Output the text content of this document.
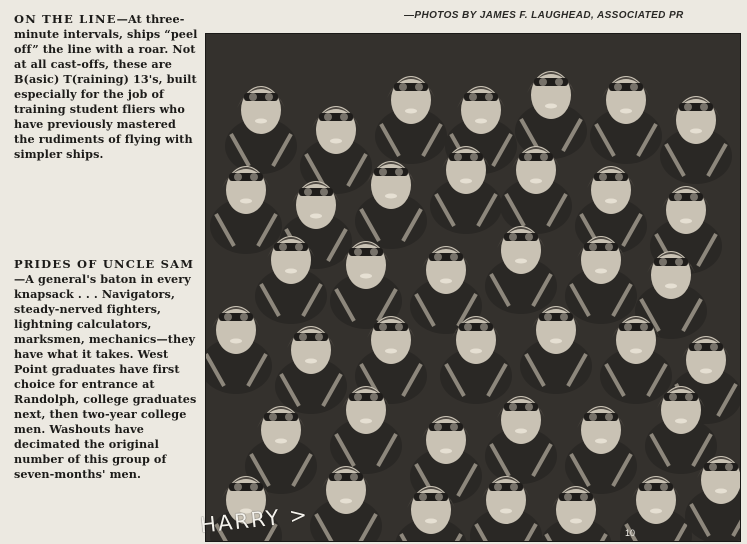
—PHOTOS BY JAMES F. LAUGHEAD, ASSOCIATED PR
ON THE LINE—At three-minute intervals, ships “peel off” the line with a roar. Not at all cast-offs, these are B(asic) T(raining) 13's, built especially for the job of training student fliers who have previously mastered the rudiments of flying with simpler ships.
PRIDES OF UNCLE SAM—A general's baton in every knapsack . . . Navigators, steady-nerved fighters, lightning calculators, marksmen, mechanics—they have what it takes. West Point graduates have first choice for entrance at Randolph, college graduates next, then two-year college men. Washouts have decimated the original number of this group of seven-months' men.
HARRY >	10
